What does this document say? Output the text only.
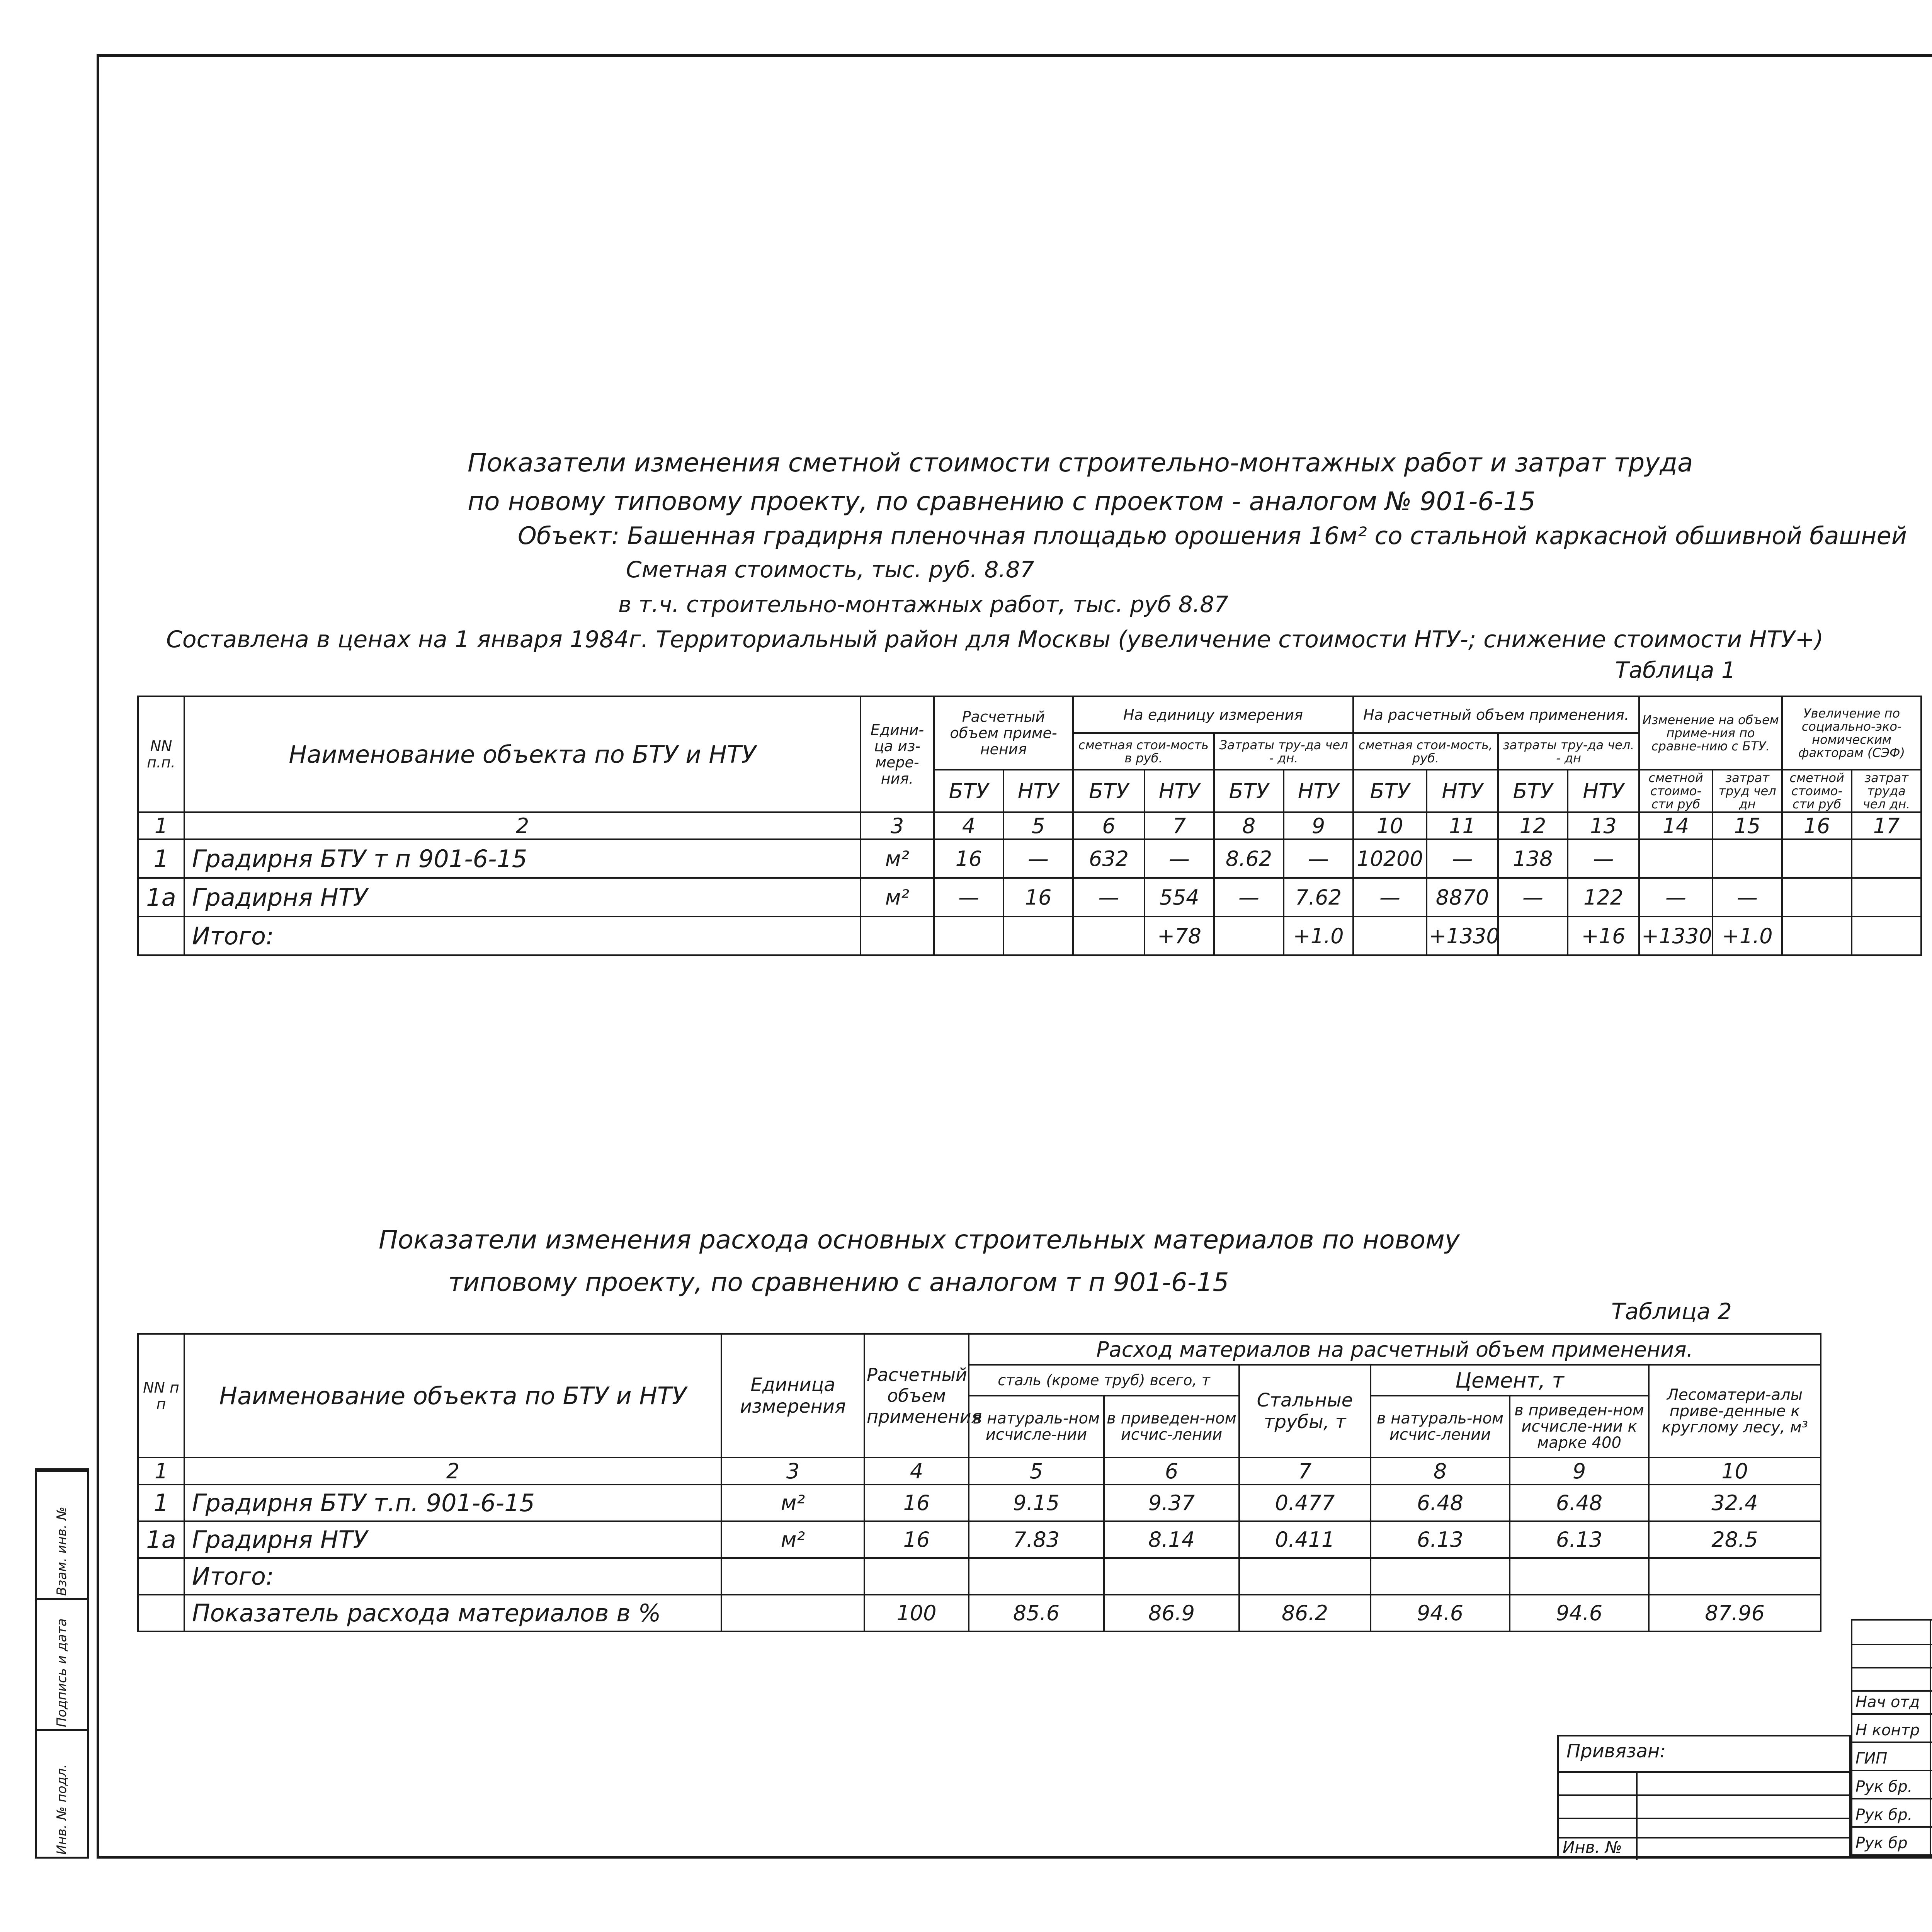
Взам. инв. №
Подпись и дата
Инв. № подл.
Показатели изменения сметной стоимости строительно-монтажных работ и затрат труда
по новому типовому проекту, по сравнению с проектом - аналогом № 901-6-15
Объект: Башенная градирня пленочная площадью орошения 16м² со стальной каркасной обшивной башней
Сметная стоимость, тыс. руб. 8.87
в т.ч. строительно-монтажных работ, тыс. руб 8.87
Составлена в ценах на 1 января 1984г. Территориальный район для Москвы (увеличение стоимости НТУ-; снижение стоимости НТУ+)
Таблица 1
NN п.п.	Наименование объекта по БТУ и НТУ	Едини-ца из-мере-ния.	Расчетный объем приме-нения		На единицу измерения				На расчетный объем применения.				Изменение на объем приме-ния по сравне-нию с БТУ.		Увеличение по социально-эко-номическим факторам (СЭФ)	
					сметная стои-мость в руб.		Затраты тру-да чел - дн.		сметная стои-мость, руб.		затраты тру-да чел. - дн					
			БТУ	НТУ	БТУ	НТУ	БТУ	НТУ	БТУ	НТУ	БТУ	НТУ	сметной стоимо-сти руб	затрат труд чел дн	сметной стоимо-сти руб	затрат труда чел дн.
1	2	3	4	5	6	7	8	9	10	11	12	13	14	15	16	17
1	Градирня БТУ т п 901-6-15	м²	16	—	632	—	8.62	—	10200	—	138	—				
1а	Градирня НТУ	м²	—	16	—	554	—	7.62	—	8870	—	122	—	—		
	Итого:					+78		+1.0		+1330		+16	+1330	+1.0		

Показатели изменения расхода основных строительных материалов по новому
типовому проекту, по сравнению с аналогом т п 901-6-15
Таблица 2
NN п п	Наименование объекта по БТУ и НТУ	Единица измерения	Расчетный объем применения	Расход материалов на расчетный объем применения.					
				сталь (кроме труб) всего, т		Стальные трубы, т	Цемент, т		Лесоматери-алы приве-денные к круглому лесу, м³
				в натураль-ном исчисле-нии	в приведен-ном исчис-лении		в натураль-ном исчис-лении	в приведен-ном исчисле-нии к марке 400	
1	2	3	4	5	6	7	8	9	10
1	Градирня БТУ т.п. 901-6-15	м²	16	9.15	9.37	0.477	6.48	6.48	32.4
1а	Градирня НТУ	м²	16	7.83	8.14	0.411	6.13	6.13	28.5
	Итого:								
	Показатель расхода материалов в %		100	85.6	86.9	86.2	94.6	94.6	87.96
Привязан:
Инв. №
Нач отд
Н контр
ГИП
Рук бр.
Рук бр.
Рук бр
